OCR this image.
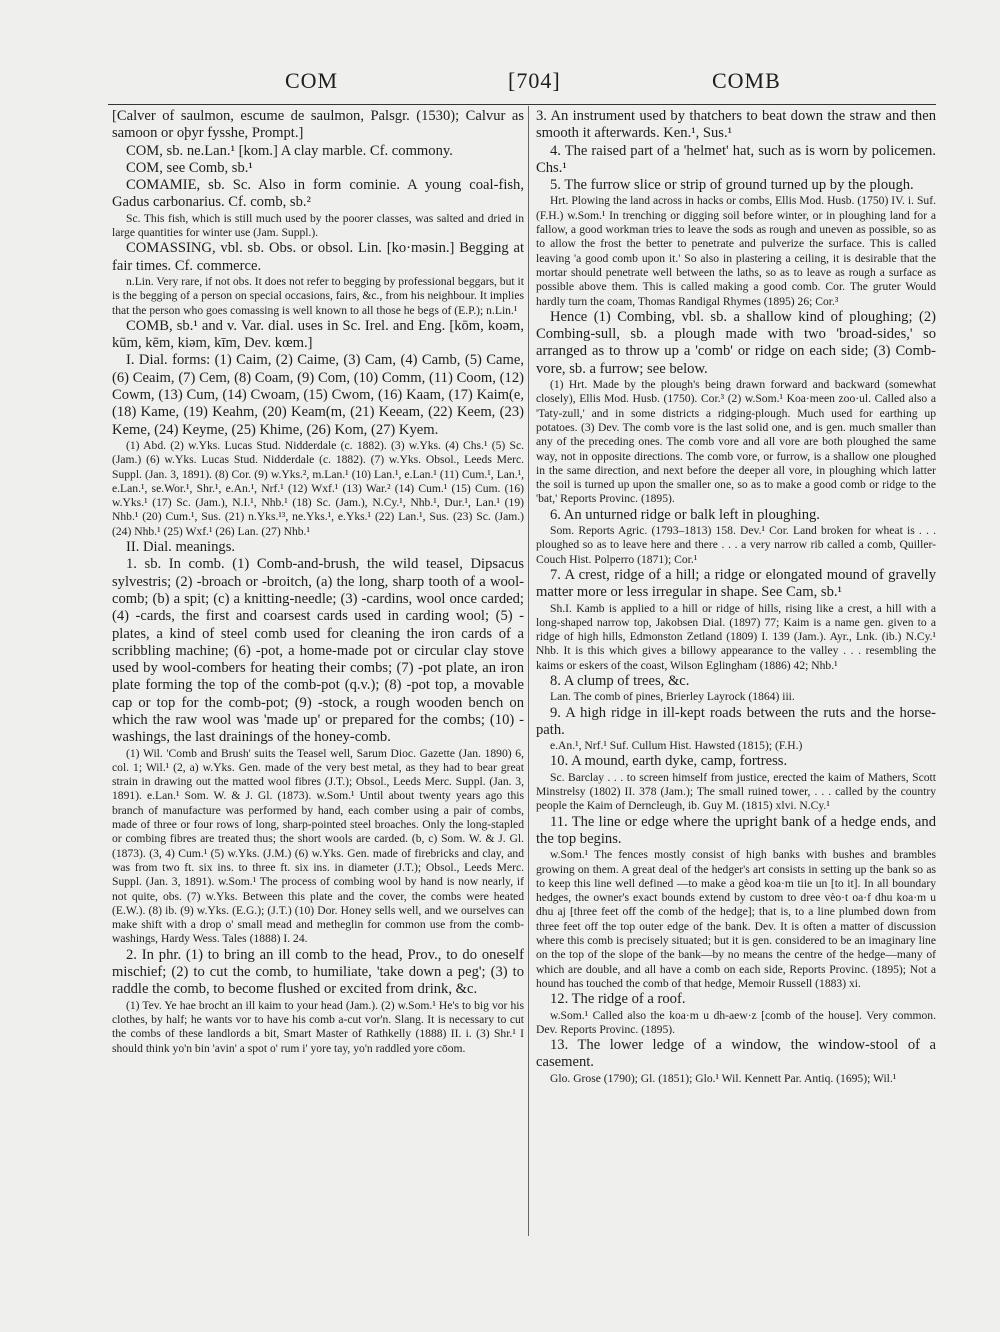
COM	[704]	COMB

[Calver of saulmon, escume de saulmon, Palsgr. (1530); Calvur as samoon or oþyr fysshe, Prompt.]

COM, sb. ne.Lan.¹ [kom.] A clay marble. Cf. commony.

COM, see Comb, sb.¹

COMAMIE, sb. Sc. Also in form cominie. A young coal-fish, Gadus carbonarius. Cf. comb, sb.²

Sc. This fish, which is still much used by the poorer classes, was salted and dried in large quantities for winter use (Jam. Suppl.).

COMASSING, vbl. sb. Obs. or obsol. Lin. [ko·məsin.] Begging at fair times. Cf. commerce.

n.Lin. Very rare, if not obs. It does not refer to begging by professional beggars, but it is the begging of a person on special occasions, fairs, &c., from his neighbour. It implies that the person who goes comassing is well known to all those he begs of (E.P.); n.Lin.¹

COMB, sb.¹ and v. Var. dial. uses in Sc. Irel. and Eng. [kōm, koəm, kūm, kēm, kiəm, kīm, Dev. kœm.]

I. Dial. forms: (1) Caim, (2) Caime, (3) Cam, (4) Camb, (5) Came, (6) Ceaim, (7) Cem, (8) Coam, (9) Com, (10) Comm, (11) Coom, (12) Cowm, (13) Cum, (14) Cwoam, (15) Cwom, (16) Kaam, (17) Kaim(e, (18) Kame, (19) Keahm, (20) Keam(m, (21) Keeam, (22) Keem, (23) Keme, (24) Keyme, (25) Khime, (26) Kom, (27) Kyem.

(1) Abd. (2) w.Yks. Lucas Stud. Nidderdale (c. 1882). (3) w.Yks. (4) Chs.¹ (5) Sc. (Jam.) (6) w.Yks. Lucas Stud. Nidderdale (c. 1882). (7) w.Yks. Obsol., Leeds Merc. Suppl. (Jan. 3, 1891). (8) Cor. (9) w.Yks.², m.Lan.¹ (10) Lan.¹, e.Lan.¹ (11) Cum.¹, Lan.¹, e.Lan.¹, se.Wor.¹, Shr.¹, e.An.¹, Nrf.¹ (12) Wxf.¹ (13) War.² (14) Cum.¹ (15) Cum. (16) w.Yks.¹ (17) Sc. (Jam.), N.I.¹, Nhb.¹ (18) Sc. (Jam.), N.Cy.¹, Nhb.¹, Dur.¹, Lan.¹ (19) Nhb.¹ (20) Cum.¹, Sus. (21) n.Yks.¹³, ne.Yks.¹, e.Yks.¹ (22) Lan.¹, Sus. (23) Sc. (Jam.) (24) Nhb.¹ (25) Wxf.¹ (26) Lan. (27) Nhb.¹

II. Dial. meanings.

1. sb. In comb. (1) Comb-and-brush, the wild teasel, Dipsacus sylvestris; (2) -broach or -broitch, (a) the long, sharp tooth of a wool-comb; (b) a spit; (c) a knitting-needle; (3) -cardins, wool once carded; (4) -cards, the first and coarsest cards used in carding wool; (5) -plates, a kind of steel comb used for cleaning the iron cards of a scribbling machine; (6) -pot, a home-made pot or circular clay stove used by wool-combers for heating their combs; (7) -pot plate, an iron plate forming the top of the comb-pot (q.v.); (8) -pot top, a movable cap or top for the comb-pot; (9) -stock, a rough wooden bench on which the raw wool was 'made up' or prepared for the combs; (10) -washings, the last drainings of the honey-comb.

(1) Wil. 'Comb and Brush' suits the Teasel well, Sarum Dioc. Gazette (Jan. 1890) 6, col. 1; Wil.¹ (2, a) w.Yks. Gen. made of the very best metal, as they had to bear great strain in drawing out the matted wool fibres (J.T.); Obsol., Leeds Merc. Suppl. (Jan. 3, 1891). e.Lan.¹ Som. W. & J. Gl. (1873). w.Som.¹ Until about twenty years ago this branch of manufacture was performed by hand, each comber using a pair of combs, made of three or four rows of long, sharp-pointed steel broaches. Only the long-stapled or combing fibres are treated thus; the short wools are carded. (b, c) Som. W. & J. Gl. (1873). (3, 4) Cum.¹ (5) w.Yks. (J.M.) (6) w.Yks. Gen. made of firebricks and clay, and was from two ft. six ins. to three ft. six ins. in diameter (J.T.); Obsol., Leeds Merc. Suppl. (Jan. 3, 1891). w.Som.¹ The process of combing wool by hand is now nearly, if not quite, obs. (7) w.Yks. Between this plate and the cover, the combs were heated (E.W.). (8) ib. (9) w.Yks. (E.G.); (J.T.) (10) Dor. Honey sells well, and we ourselves can make shift with a drop o' small mead and metheglin for common use from the comb-washings, Hardy Wess. Tales (1888) I. 24.

2. In phr. (1) to bring an ill comb to the head, Prov., to do oneself mischief; (2) to cut the comb, to humiliate, 'take down a peg'; (3) to raddle the comb, to become flushed or excited from drink, &c.

(1) Tev. Ye hae brocht an ill kaim to your head (Jam.). (2) w.Som.¹ He's to big vor his clothes, by half; he wants vor to have his comb a-cut vor'n. Slang. It is necessary to cut the combs of these landlords a bit, Smart Master of Rathkelly (1888) II. i. (3) Shr.¹ I should think yo'n bin 'avin' a spot o' rum i' yore tay, yo'n raddled yore cōom.

3. An instrument used by thatchers to beat down the straw and then smooth it afterwards. Ken.¹, Sus.¹

4. The raised part of a 'helmet' hat, such as is worn by policemen. Chs.¹

5. The furrow slice or strip of ground turned up by the plough.

Hrt. Plowing the land across in hacks or combs, Ellis Mod. Husb. (1750) IV. i. Suf. (F.H.) w.Som.¹ In trenching or digging soil before winter, or in ploughing land for a fallow, a good workman tries to leave the sods as rough and uneven as possible, so as to allow the frost the better to penetrate and pulverize the surface. This is called leaving 'a good comb upon it.' So also in plastering a ceiling, it is desirable that the mortar should penetrate well between the laths, so as to leave as rough a surface as possible above them. This is called making a good comb. Cor. The gruter Would hardly turn the coam, Thomas Randigal Rhymes (1895) 26; Cor.³

Hence (1) Combing, vbl. sb. a shallow kind of ploughing; (2) Combing-sull, sb. a plough made with two 'broad-sides,' so arranged as to throw up a 'comb' or ridge on each side; (3) Comb-vore, sb. a furrow; see below.

(1) Hrt. Made by the plough's being drawn forward and backward (somewhat closely), Ellis Mod. Husb. (1750). Cor.³ (2) w.Som.¹ Koa·meen zoo·ul. Called also a 'Taty-zull,' and in some districts a ridging-plough. Much used for earthing up potatoes. (3) Dev. The comb vore is the last solid one, and is gen. much smaller than any of the preceding ones. The comb vore and all vore are both ploughed the same way, not in opposite directions. The comb vore, or furrow, is a shallow one ploughed in the same direction, and next before the deeper all vore, in ploughing which latter the soil is turned up upon the smaller one, so as to make a good comb or ridge to the 'bat,' Reports Provinc. (1895).

6. An unturned ridge or balk left in ploughing.

Som. Reports Agric. (1793–1813) 158. Dev.¹ Cor. Land broken for wheat is . . . ploughed so as to leave here and there . . . a very narrow rib called a comb, Quiller-Couch Hist. Polperro (1871); Cor.¹

7. A crest, ridge of a hill; a ridge or elongated mound of gravelly matter more or less irregular in shape. See Cam, sb.¹

Sh.I. Kamb is applied to a hill or ridge of hills, rising like a crest, a hill with a long-shaped narrow top, Jakobsen Dial. (1897) 77; Kaim is a name gen. given to a ridge of high hills, Edmonston Zetland (1809) I. 139 (Jam.). Ayr., Lnk. (ib.) N.Cy.¹ Nhb. It is this which gives a billowy appearance to the valley . . . resembling the kaims or eskers of the coast, Wilson Eglingham (1886) 42; Nhb.¹

8. A clump of trees, &c.

Lan. The comb of pines, Brierley Layrock (1864) iii.

9. A high ridge in ill-kept roads between the ruts and the horse-path.

e.An.¹, Nrf.¹ Suf. Cullum Hist. Hawsted (1815); (F.H.)

10. A mound, earth dyke, camp, fortress.

Sc. Barclay . . . to screen himself from justice, erected the kaim of Mathers, Scott Minstrelsy (1802) II. 378 (Jam.); The small ruined tower, . . . called by the country people the Kaim of Dernclеugh, ib. Guy M. (1815) xlvi. N.Cy.¹

11. The line or edge where the upright bank of a hedge ends, and the top begins.

w.Som.¹ The fences mostly consist of high banks with bushes and brambles growing on them. A great deal of the hedger's art consists in setting up the bank so as to keep this line well defined —to make a gèod koa·m tiie un [to it]. In all boundary hedges, the owner's exact bounds extend by custom to dree vèo·t oa·f dhu koa·m u dhu aj [three feet off the comb of the hedge]; that is, to a line plumbed down from three feet off the top outer edge of the bank. Dev. It is often a matter of discussion where this comb is precisely situated; but it is gen. considered to be an imaginary line on the top of the slope of the bank—by no means the centre of the hedge—many of which are double, and all have a comb on each side, Reports Provinc. (1895); Not a hound has touched the comb of that hedge, Memoir Russell (1883) xi.

12. The ridge of a roof.

w.Som.¹ Called also the koa·m u dh-aew·z [comb of the house]. Very common. Dev. Reports Provinc. (1895).

13. The lower ledge of a window, the window-stool of a casement.

Glo. Grose (1790); Gl. (1851); Glo.¹ Wil. Kennett Par. Antiq. (1695); Wil.¹
